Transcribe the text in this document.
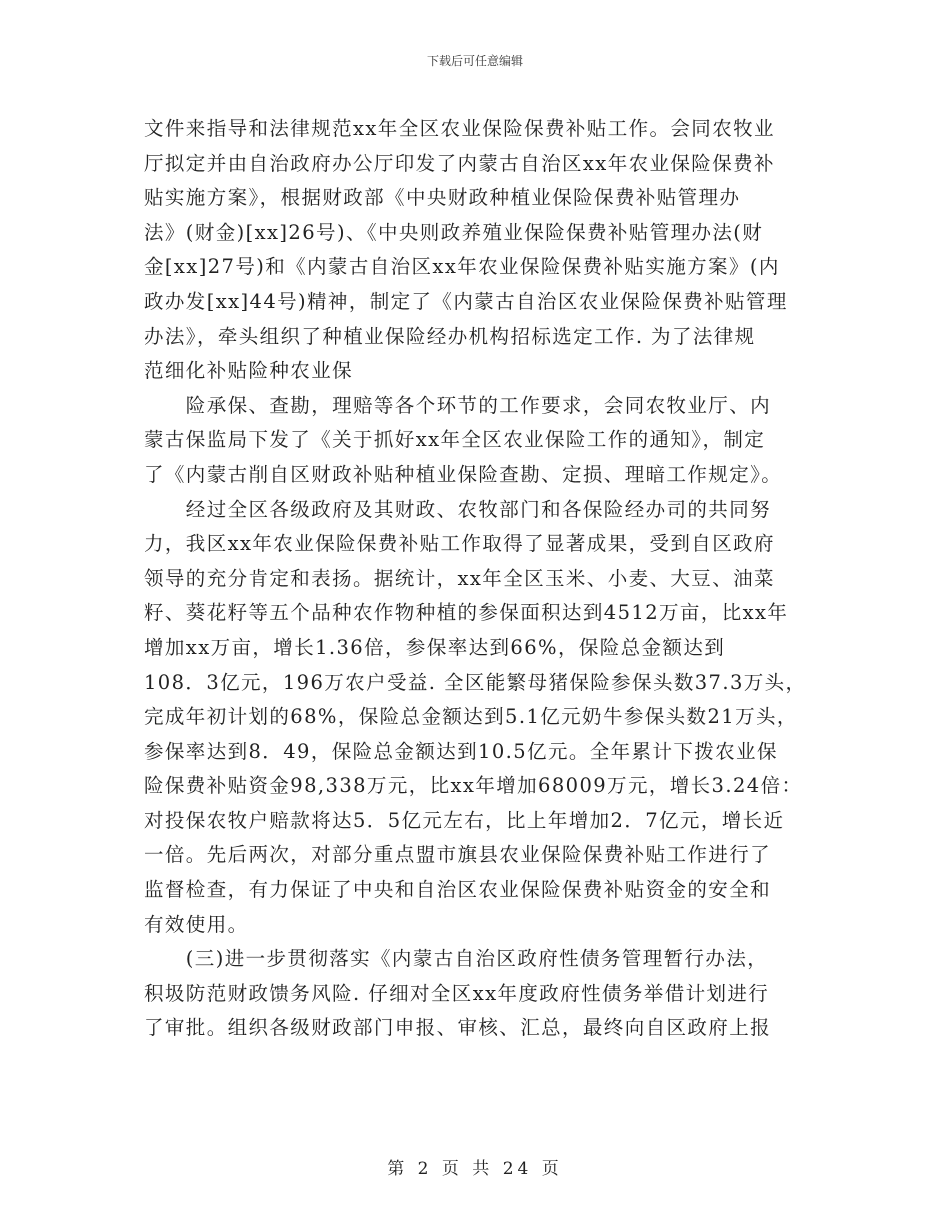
下载后可任意编辑
文件来指导和法律规范xx年全区农业保险保费补贴工作。会同农牧业
厅拟定并由自治政府办公厅印发了内蒙古自治区xx年农业保险保费补
贴实施方案》，根据财政部《中央财政种植业保险保费补贴管理办
法》(财金)[xx]26号)、《中央则政养殖业保险保费补贴管理办法(财
金[xx]27号)和《内蒙古自治区xx年农业保险保费补贴实施方案》(内
政办发[xx]44号)精神，制定了《内蒙古自治区农业保险保费补贴管理
办法》，牵头组织了种植业保险经办机构招标选定工作. 为了法律规
范细化补贴险种农业保
　　险承保、查勘，理赔等各个环节的工作要求，会同农牧业厅、内
蒙古保监局下发了《关于抓好xx年全区农业保险工作的通知》，制定
了《内蒙古削自区财政补贴种植业保险查勘、定损、理暗工作规定》。
　　经过全区各级政府及其财政、农牧部门和各保险经办司的共同努
力，我区xx年农业保险保费补贴工作取得了显著成果，受到自区政府
领导的充分肯定和表扬。据统计，xx年全区玉米、小麦、大豆、油菜
籽、葵花籽等五个品种农作物种植的参保面积达到4512万亩，比xx年
增加xx万亩，增长1.36倍，参保率达到66%，保险总金额达到
108．3亿元，196万农户受益. 全区能繁母猪保险参保头数37.3万头，
完成年初计划的68%，保险总金额达到5.1亿元奶牛参保头数21万头，
参保率达到8．49，保险总金额达到10.5亿元。全年累计下拨农业保
险保费补贴资金98,338万元，比xx年增加68009万元，增长3.24倍：
对投保农牧户赔款将达5．5亿元左右，比上年增加2．7亿元，增长近
一倍。先后两次，对部分重点盟市旗县农业保险保费补贴工作进行了
监督检查，有力保证了中央和自治区农业保险保费补贴资金的安全和
有效使用。
　　(三)进一步贯彻落实《内蒙古自治区政府性债务管理暂行办法，
积圾防范财政馈务风险. 仔细对全区xx年度政府性债务举借计划进行
了审批。组织各级财政部门申报、审核、汇总，最终向自区政府上报
第 2 页 共 24 页
